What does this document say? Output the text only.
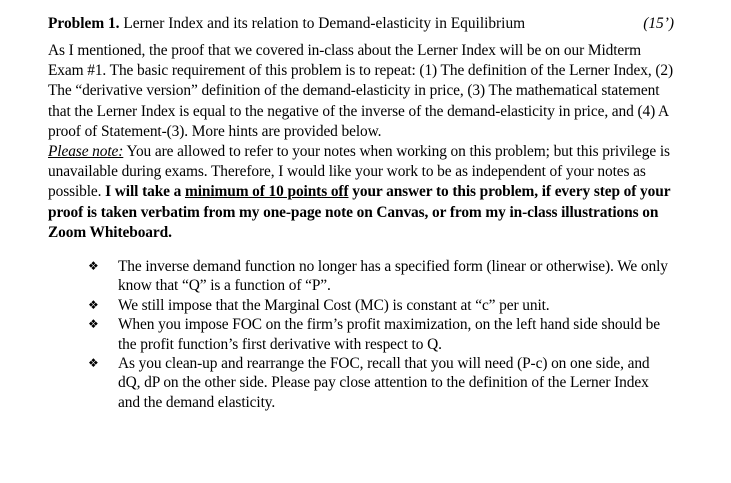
Problem 1. Lerner Index and its relation to Demand-elasticity in Equilibrium	(15’)
As I mentioned, the proof that we covered in-class about the Lerner Index will be on our Midterm Exam #1. The basic requirement of this problem is to repeat: (1) The definition of the Lerner Index, (2) The “derivative version” definition of the demand-elasticity in price, (3) The mathematical statement that the Lerner Index is equal to the negative of the inverse of the demand-elasticity in price, and (4) A proof of Statement-(3). More hints are provided below.
Please note: You are allowed to refer to your notes when working on this problem; but this privilege is unavailable during exams. Therefore, I would like your work to be as independent of your notes as possible. I will take a minimum of 10 points off your answer to this problem, if every step of your proof is taken verbatim from my one-page note on Canvas, or from my in-class illustrations on Zoom Whiteboard.
❖ The inverse demand function no longer has a specified form (linear or otherwise). We only know that “Q” is a function of “P”.
❖ We still impose that the Marginal Cost (MC) is constant at “c” per unit.
❖ When you impose FOC on the firm’s profit maximization, on the left hand side should be the profit function’s first derivative with respect to Q.
❖ As you clean-up and rearrange the FOC, recall that you will need (P-c) on one side, and dQ, dP on the other side. Please pay close attention to the definition of the Lerner Index and the demand elasticity.
